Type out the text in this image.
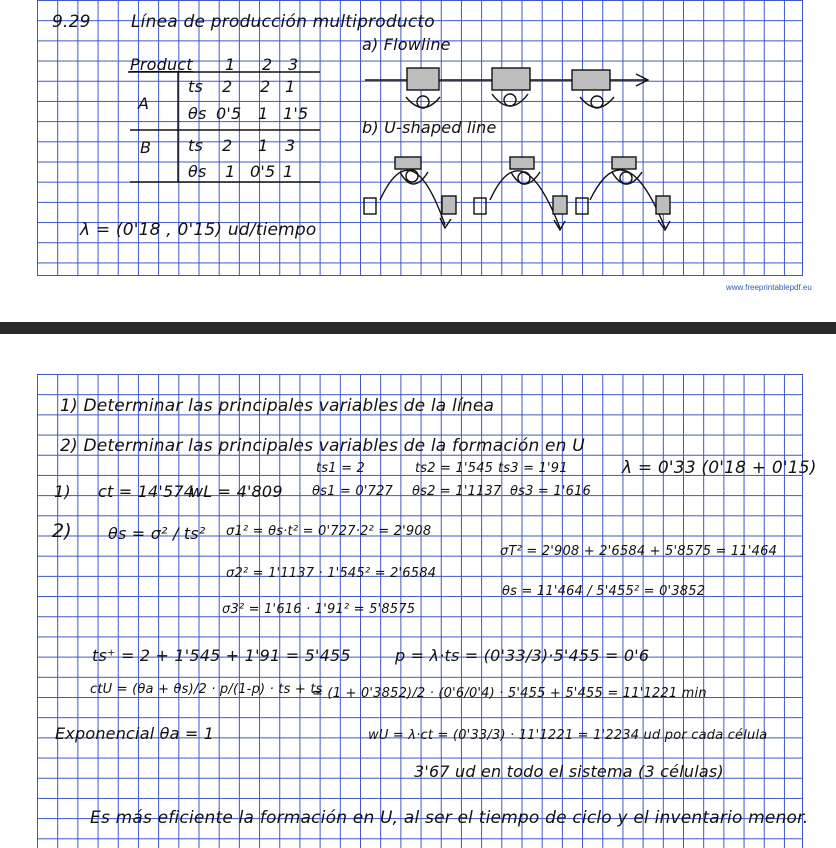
9.29 Línea de producción multiproducto
Product 1 2 3
A
ts 2 2 1
θs 0'5 1 1'5
B ts 2 1 3
θs 1 0'5 1
λ = (0'18 , 0'15) ud/tiempo
a) Flowline
b) U-shaped line
www.freeprintablepdf.eu
1) Determinar las principales variables de la línea
2) Determinar las principales variables de la formación en U
ts1 = 2	ts2 = 1'545 ts3 = 1'91	λ = 0'33 (0'18 + 0'15)
1) ct = 14'574
wL = 4'809 θs1 = 0'727 θs2 = 1'1137 θs3 = 1'616
2) θs = σ² / ts² σ1² = θs·t² = 0'727·2² = 2'908
σ2² = 1'1137 · 1'545² = 2'6584
σ3² = 1'616 · 1'91² = 5'8575
σT² = 2'908 + 2'6584 + 5'8575 = 11'464
θs = 11'464 / 5'455² = 0'3852
ts⁺ = 2 + 1'545 + 1'91 = 5'455	p = λ·ts = (0'33/3)·5'455 = 0'6
ctU = (θa + θs)/2 · p/(1-p) · ts + ts
= (1 + 0'3852)/2 · (0'6/0'4) · 5'455 + 5'455 = 11'1221 min
Exponencial θa = 1	wU = λ·ct = (0'33/3) · 11'1221 = 1'2234 ud por cada célula
3'67 ud en todo el sistema (3 células)
Es más eficiente la formación en U, al ser el tiempo de ciclo y el inventario menor.
